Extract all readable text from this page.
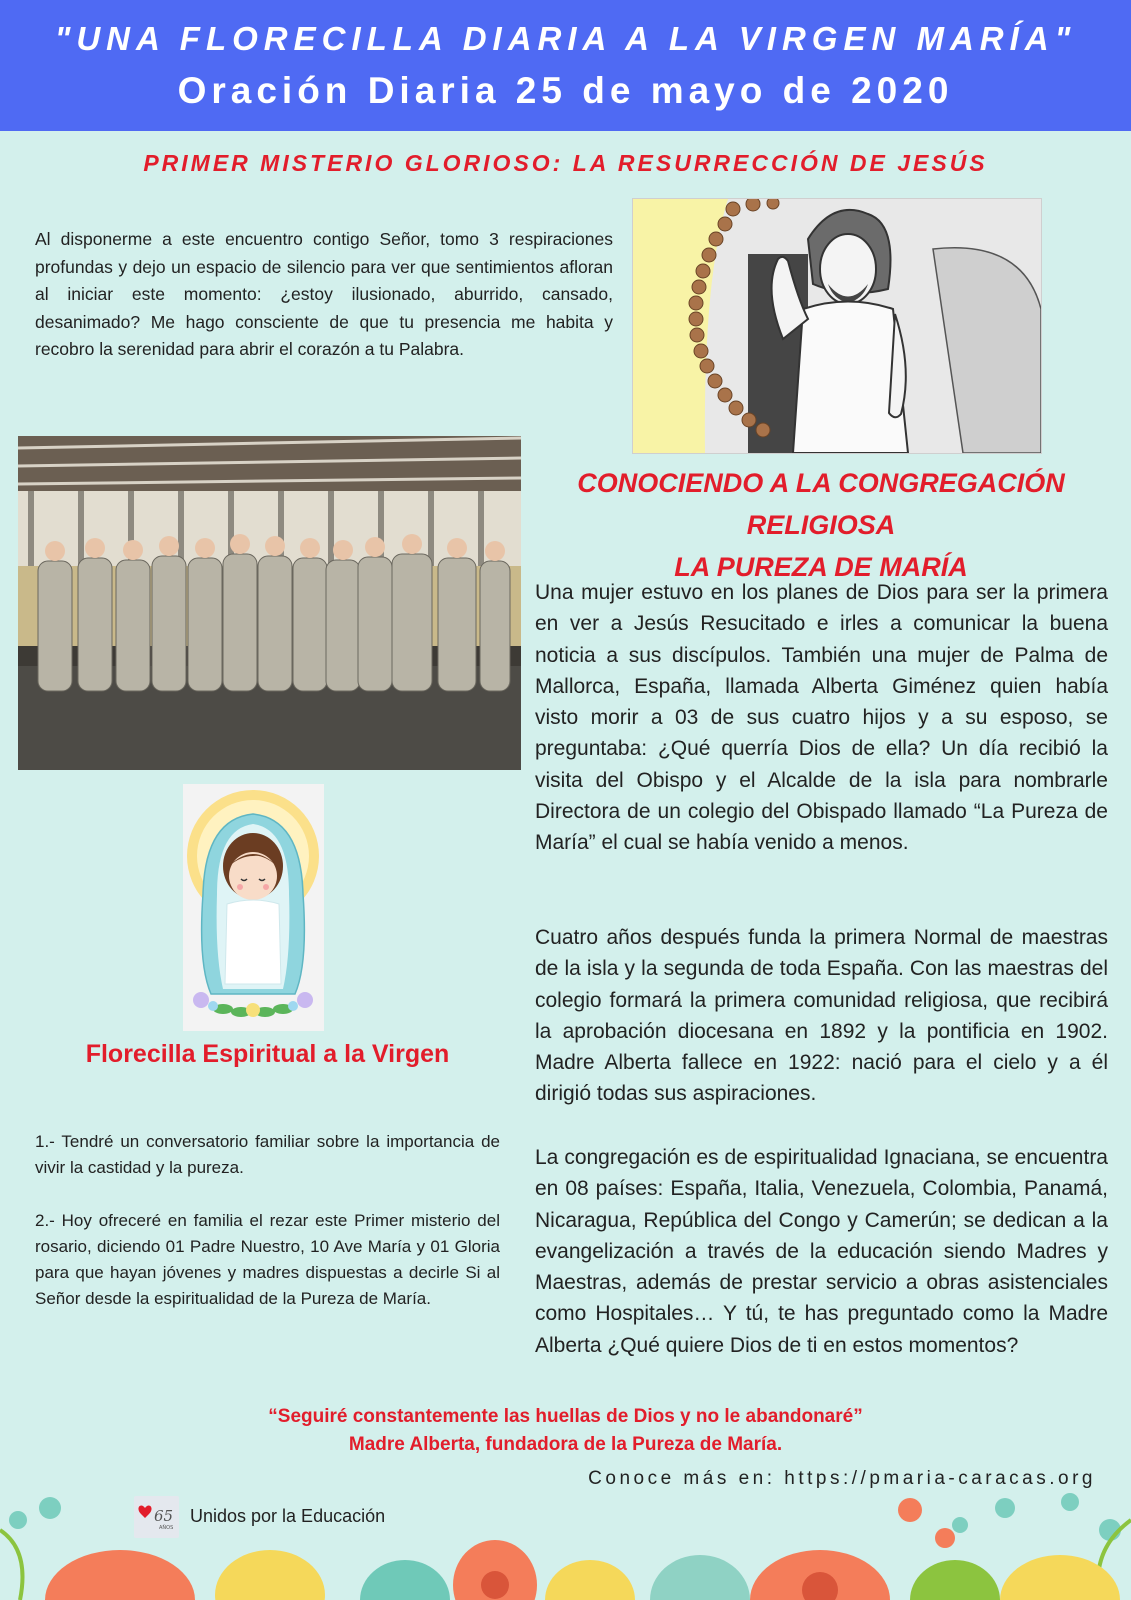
"UNA FLORECILLA DIARIA A LA VIRGEN MARÍA"
Oración Diaria 25 de mayo de 2020
PRIMER MISTERIO GLORIOSO: LA RESURRECCIÓN DE JESÚS
Al disponerme a este encuentro contigo Señor, tomo 3 respiraciones profundas y dejo un espacio de silencio para ver que sentimientos afloran al iniciar este momento: ¿estoy ilusionado, aburrido, cansado, desanimado? Me hago consciente de que tu presencia me habita y recobro la serenidad para abrir el corazón a tu Palabra.
CONOCIENDO A LA CONGREGACIÓN RELIGIOSA
LA PUREZA DE MARÍA
Una mujer estuvo en los planes de Dios para ser la primera en ver a Jesús Resucitado e irles a comunicar la buena noticia a sus discípulos. También una mujer de Palma de Mallorca, España, llamada Alberta Giménez quien había visto morir a 03 de sus cuatro hijos y a su esposo, se preguntaba: ¿Qué querría Dios de ella? Un día recibió la visita del Obispo y el Alcalde de la isla para nombrarle Directora de un colegio del Obispado llamado “La Pureza de María” el cual se había venido a menos.
Cuatro años después funda la primera Normal de maestras de la isla y la segunda de toda España. Con las maestras del colegio formará la primera comunidad religiosa, que recibirá la aprobación diocesana en 1892 y la pontificia en 1902. Madre Alberta fallece en 1922: nació para el cielo y a él dirigió todas sus aspiraciones.
La congregación es de espiritualidad Ignaciana, se encuentra en 08 países: España, Italia, Venezuela, Colombia, Panamá, Nicaragua, República del Congo y Camerún; se dedican a la evangelización a través de la educación siendo Madres y Maestras, además de prestar servicio a obras asistenciales como Hospitales… Y tú, te has preguntado como la Madre Alberta ¿Qué quiere Dios de ti en estos momentos?
Florecilla Espiritual a la Virgen
1.- Tendré un conversatorio familiar sobre la importancia de vivir la castidad y la pureza.
2.- Hoy ofreceré en familia el rezar este Primer misterio del rosario, diciendo 01 Padre Nuestro, 10 Ave María y 01 Gloria para que hayan jóvenes y madres dispuestas a decirle Si al Señor desde la espiritualidad de la Pureza de María.
“Seguiré constantemente las huellas de Dios y no le abandonaré”
Madre Alberta, fundadora de la Pureza de María.
Conoce más en: https://pmaria-caracas.org
65
AÑOS
Unidos por la Educación
